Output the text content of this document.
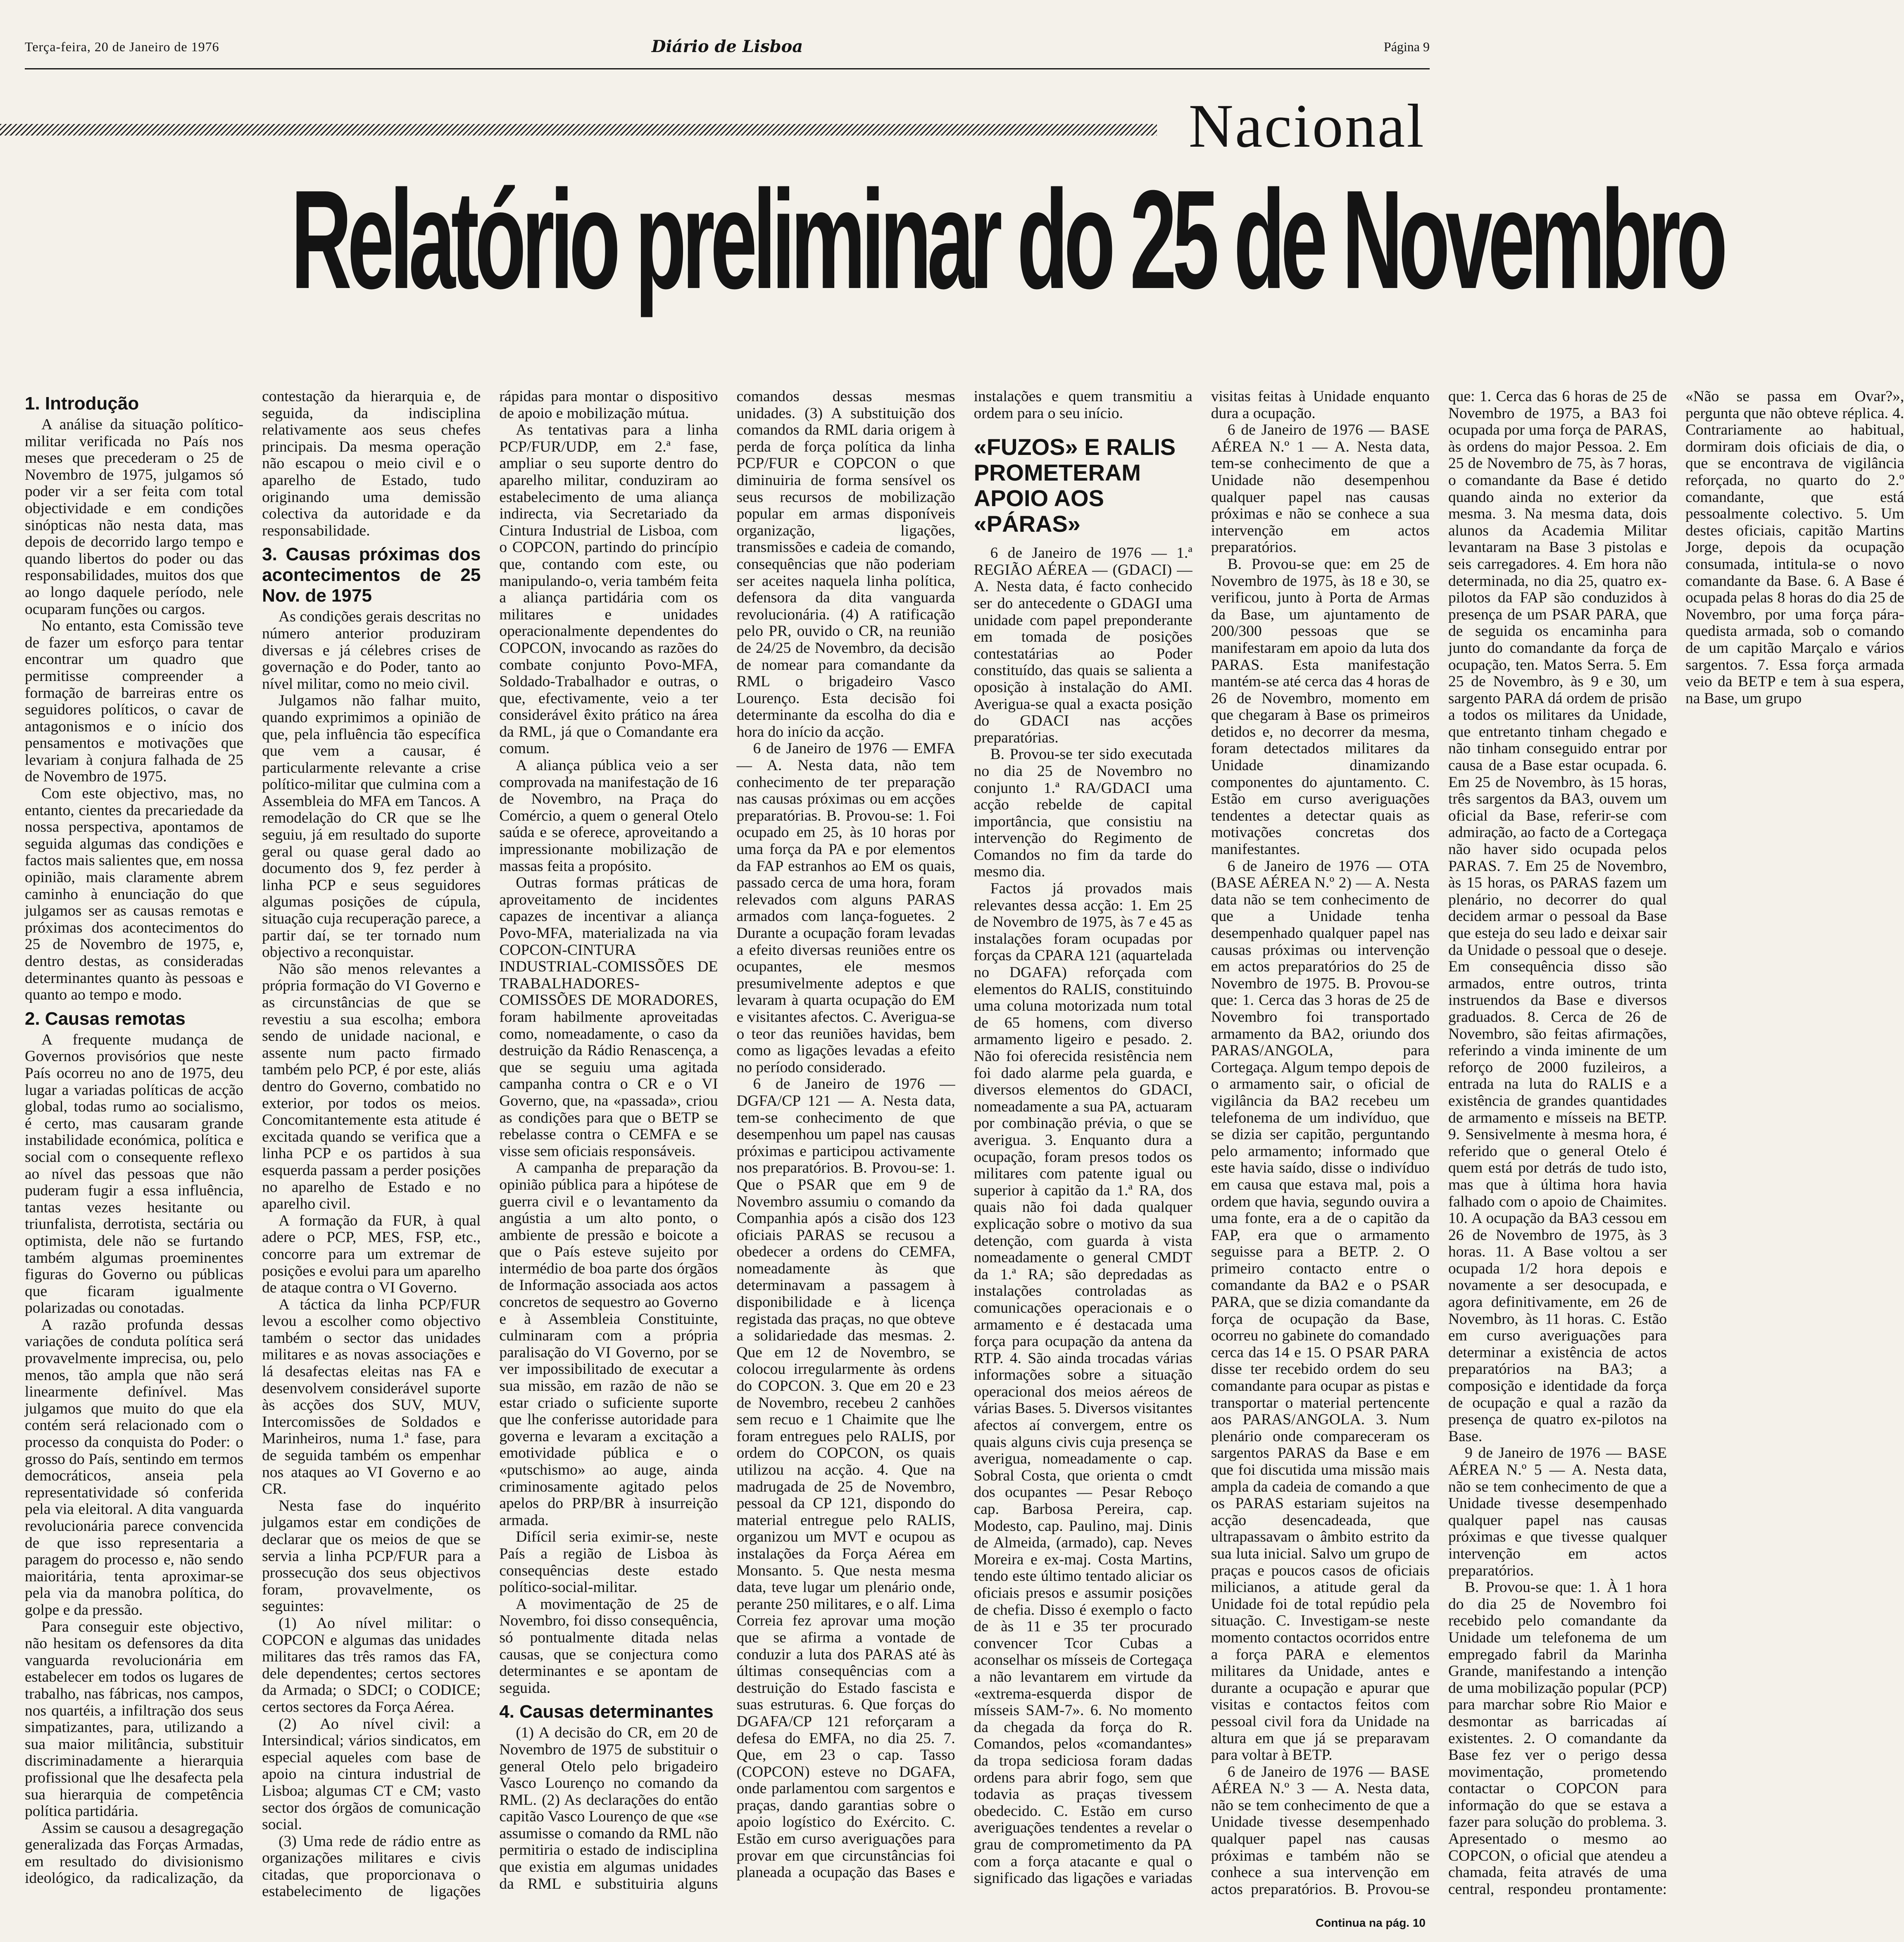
Terça-feira, 20 de Janeiro de 1976	Diário de Lisboa	Página 9
Nacional
Relatório preliminar do 25 de Novembro
1. Introdução

A análise da situação político-militar verificada no País nos meses que precederam o 25 de Novembro de 1975, julgamos só poder vir a ser feita com total objectividade e em condições sinópticas não nesta data, mas depois de decorrido largo tempo e quando libertos do poder ou das responsabilidades, muitos dos que ao longo daquele período, nele ocuparam funções ou cargos.

No entanto, esta Comissão teve de fazer um esforço para tentar encontrar um quadro que permitisse compreender a formação de barreiras entre os seguidores políticos, o cavar de antagonismos e o início dos pensamentos e motivações que levariam à conjura falhada de 25 de Novembro de 1975.

Com este objectivo, mas, no entanto, cientes da precariedade da nossa perspectiva, apontamos de seguida algumas das condições e factos mais salientes que, em nossa opinião, mais claramente abrem caminho à enunciação do que julgamos ser as causas remotas e próximas dos acontecimentos do 25 de Novembro de 1975, e, dentro destas, as consideradas determinantes quanto às pessoas e quanto ao tempo e modo.

2. Causas remotas

A frequente mudança de Governos provisórios que neste País ocorreu no ano de 1975, deu lugar a variadas políticas de acção global, todas rumo ao socialismo, é certo, mas causaram grande instabilidade económica, política e social com o consequente reflexo ao nível das pessoas que não puderam fugir a essa influência, tantas vezes hesitante ou triunfalista, derrotista, sectária ou optimista, dele não se furtando também algumas proeminentes figuras do Governo ou públicas que ficaram igualmente polarizadas ou conotadas.

A razão profunda dessas variações de conduta política será provavelmente imprecisa, ou, pelo menos, tão ampla que não será linearmente definível. Mas julgamos que muito do que ela contém será relacionado com o processo da conquista do Poder: o grosso do País, sentindo em termos democráticos, anseia pela representatividade só conferida pela via eleitoral. A dita vanguarda revolucionária parece convencida de que isso representaria a paragem do processo e, não sendo maioritária, tenta aproximar-se pela via da manobra política, do golpe e da pressão.

Para conseguir este objectivo, não hesitam os defensores da dita vanguarda revolucionária em estabelecer em todos os lugares de trabalho, nas fábricas, nos campos, nos quartéis, a infiltração dos seus simpatizantes, para, utilizando a sua maior militância, substituir discriminadamente a hierarquia profissional que lhe desafecta pela sua hierarquia de competência política partidária.

Assim se causou a desagregação generalizada das Forças Armadas, em resultado do divisionismo ideológico, da radicalização, da contestação da hierarquia e, de seguida, da indisciplina relativamente aos seus chefes principais. Da mesma operação não escapou o meio civil e o aparelho de Estado, tudo originando uma demissão colectiva da autoridade e da responsabilidade.

3. Causas próximas dos acontecimentos de 25 Nov. de 1975

As condições gerais descritas no número anterior produziram diversas e já célebres crises de governação e do Poder, tanto ao nível militar, como no meio civil.

Julgamos não falhar muito, quando exprimimos a opinião de que, pela influência tão específica que vem a causar, é particularmente relevante a crise político-militar que culmina com a Assembleia do MFA em Tancos. A remodelação do CR que se lhe seguiu, já em resultado do suporte geral ou quase geral dado ao documento dos 9, fez perder à linha PCP e seus seguidores algumas posições de cúpula, situação cuja recuperação parece, a partir daí, se ter tornado num objectivo a reconquistar.

Não são menos relevantes a própria formação do VI Governo e as circunstâncias de que se revestiu a sua escolha; embora sendo de unidade nacional, e assente num pacto firmado também pelo PCP, é por este, aliás dentro do Governo, combatido no exterior, por todos os meios. Concomitantemente esta atitude é excitada quando se verifica que a linha PCP e os partidos à sua esquerda passam a perder posições no aparelho de Estado e no aparelho civil.

A formação da FUR, à qual adere o PCP, MES, FSP, etc., concorre para um extremar de posições e evolui para um aparelho de ataque contra o VI Governo.

A táctica da linha PCP/FUR levou a escolher como objectivo também o sector das unidades militares e as novas associações e lá desafectas eleitas nas FA e desenvolvem considerável suporte às acções dos SUV, MUV, Intercomissões de Soldados e Marinheiros, numa 1.ª fase, para de seguida também os empenhar nos ataques ao VI Governo e ao CR.

Nesta fase do inquérito julgamos estar em condições de declarar que os meios de que se servia a linha PCP/FUR para a prossecução dos seus objectivos foram, provavelmente, os seguintes:

(1) Ao nível militar: o COPCON e algumas das unidades militares das três ramos das FA, dele dependentes; certos sectores da Armada; o SDCI; o CODICE; certos sectores da Força Aérea.

(2) Ao nível civil: a Intersindical; vários sindicatos, em especial aqueles com base de apoio na cintura industrial de Lisboa; algumas CT e CM; vasto sector dos órgãos de comunicação social.

(3) Uma rede de rádio entre as organizações militares e civis citadas, que proporcionava o estabelecimento de ligações rápidas para montar o dispositivo de apoio e mobilização mútua.

As tentativas para a linha PCP/FUR/UDP, em 2.ª fase, ampliar o seu suporte dentro do aparelho militar, conduziram ao estabelecimento de uma aliança indirecta, via Secretariado da Cintura Industrial de Lisboa, com o COPCON, partindo do princípio que, contando com este, ou manipulando-o, veria também feita a aliança partidária com os militares e unidades operacionalmente dependentes do COPCON, invocando as razões do combate conjunto Povo-MFA, Soldado-Trabalhador e outras, o que, efectivamente, veio a ter considerável êxito prático na área da RML, já que o Comandante era comum.

A aliança pública veio a ser comprovada na manifestação de 16 de Novembro, na Praça do Comércio, a quem o general Otelo saúda e se oferece, aproveitando a impressionante mobilização de massas feita a propósito.

Outras formas práticas de aproveitamento de incidentes capazes de incentivar a aliança Povo-MFA, materializada na via COPCON-CINTURA INDUSTRIAL-COMISSÕES DE TRABALHADORES-COMISSÕES DE MORADORES, foram habilmente aproveitadas como, nomeadamente, o caso da destruição da Rádio Renascença, a que se seguiu uma agitada campanha contra o CR e o VI Governo, que, na «passada», criou as condições para que o BETP se rebelasse contra o CEMFA e se visse sem oficiais responsáveis.

A campanha de preparação da opinião pública para a hipótese de guerra civil e o levantamento da angústia a um alto ponto, o ambiente de pressão e boicote a que o País esteve sujeito por intermédio de boa parte dos órgãos de Informação associada aos actos concretos de sequestro ao Governo e à Assembleia Constituinte, culminaram com a própria paralisação do VI Governo, por se ver impossibilitado de executar a sua missão, em razão de não se estar criado o suficiente suporte que lhe conferisse autoridade para governa e levaram a excitação a emotividade pública e o «putschismo» ao auge, ainda criminosamente agitado pelos apelos do PRP/BR à insurreição armada.

Difícil seria eximir-se, neste País a região de Lisboa às consequências deste estado político-social-militar.

A movimentação de 25 de Novembro, foi disso consequência, só pontualmente ditada nelas causas, que se conjectura como determinantes e se apontam de seguida.

4. Causas determinantes

(1) A decisão do CR, em 20 de Novembro de 1975 de substituir o general Otelo pelo brigadeiro Vasco Lourenço no comando da RML. (2) As declarações do então capitão Vasco Lourenço de que «se assumisse o comando da RML não permitiria o estado de indisciplina que existia em algumas unidades da RML e substituiria alguns comandos dessas mesmas unidades. (3) A substituição dos comandos da RML daria origem à perda de força política da linha PCP/FUR e COPCON o que diminuiria de forma sensível os seus recursos de mobilização popular em armas disponíveis organização, ligações, transmissões e cadeia de comando, consequências que não poderiam ser aceites naquela linha política, defensora da dita vanguarda revolucionária. (4) A ratificação pelo PR, ouvido o CR, na reunião de 24/25 de Novembro, da decisão de nomear para comandante da RML o brigadeiro Vasco Lourenço. Esta decisão foi determinante da escolha do dia e hora do início da acção.

6 de Janeiro de 1976 — EMFA — A. Nesta data, não tem conhecimento de ter preparação nas causas próximas ou em acções preparatórias. B. Provou-se: 1. Foi ocupado em 25, às 10 horas por uma força da PA e por elementos da FAP estranhos ao EM os quais, passado cerca de uma hora, foram relevados com alguns PARAS armados com lança-foguetes. 2 Durante a ocupação foram levadas a efeito diversas reuniões entre os ocupantes, ele mesmos presumivelmente adeptos e que levaram à quarta ocupação do EM e visitantes afectos. C. Averigua-se o teor das reuniões havidas, bem como as ligações levadas a efeito no período considerado.

6 de Janeiro de 1976 — DGFA/CP 121 — A. Nesta data, tem-se conhecimento de que desempenhou um papel nas causas próximas e participou activamente nos preparatórios. B. Provou-se: 1. Que o PSAR que em 9 de Novembro assumiu o comando da Companhia após a cisão dos 123 oficiais PARAS se recusou a obedecer a ordens do CEMFA, nomeadamente às que determinavam a passagem à disponibilidade e à licença registada das praças, no que obteve a solidariedade das mesmas. 2. Que em 12 de Novembro, se colocou irregularmente às ordens do COPCON. 3. Que em 20 e 23 de Novembro, recebeu 2 canhões sem recuo e 1 Chaimite que lhe foram entregues pelo RALIS, por ordem do COPCON, os quais utilizou na acção. 4. Que na madrugada de 25 de Novembro, pessoal da CP 121, dispondo do material entregue pelo RALIS, organizou um MVT e ocupou as instalações da Força Aérea em Monsanto. 5. Que nesta mesma data, teve lugar um plenário onde, perante 250 militares, e o alf. Lima Correia fez aprovar uma moção que se afirma a vontade de conduzir a luta dos PARAS até às últimas consequências com a destruição do Estado fascista e suas estruturas. 6. Que forças do DGAFA/CP 121 reforçaram a defesa do EMFA, no dia 25. 7. Que, em 23 o cap. Tasso (COPCON) esteve no DGAFA, onde parlamentou com sargentos e praças, dando garantias sobre o apoio logístico do Exército. C. Estão em curso averiguações para provar em que circunstâncias foi planeada a ocupação das Bases e instalações e quem transmitiu a ordem para o seu início.

«FUZOS» E RALIS PROMETERAM APOIO AOS «PÁRAS»

6 de Janeiro de 1976 — 1.ª REGIÃO AÉREA — (GDACI) — A. Nesta data, é facto conhecido ser do antecedente o GDAGI uma unidade com papel preponderante em tomada de posições contestatárias ao Poder constituído, das quais se salienta a oposição à instalação do AMI. Averigua-se qual a exacta posição do GDACI nas acções preparatórias.

B. Provou-se ter sido executada no dia 25 de Novembro no conjunto 1.ª RA/GDACI uma acção rebelde de capital importância, que consistiu na intervenção do Regimento de Comandos no fim da tarde do mesmo dia.

Factos já provados mais relevantes dessa acção: 1. Em 25 de Novembro de 1975, às 7 e 45 as instalações foram ocupadas por forças da CPARA 121 (aquartelada no DGAFA) reforçada com elementos do RALIS, constituindo uma coluna motorizada num total de 65 homens, com diverso armamento ligeiro e pesado. 2. Não foi oferecida resistência nem foi dado alarme pela guarda, e diversos elementos do GDACI, nomeadamente a sua PA, actuaram por combinação prévia, o que se averigua. 3. Enquanto dura a ocupação, foram presos todos os militares com patente igual ou superior à capitão da 1.ª RA, dos quais não foi dada qualquer explicação sobre o motivo da sua detenção, com guarda à vista nomeadamente o general CMDT da 1.ª RA; são depredadas as instalações controladas as comunicações operacionais e o armamento e é destacada uma força para ocupação da antena da RTP. 4. São ainda trocadas várias informações sobre a situação operacional dos meios aéreos de várias Bases. 5. Diversos visitantes afectos aí convergem, entre os quais alguns civis cuja presença se averigua, nomeadamente o cap. Sobral Costa, que orienta o cmdt dos ocupantes — Pesar Reboço cap. Barbosa Pereira, cap. Modesto, cap. Paulino, maj. Dinis de Almeida, (armado), cap. Neves Moreira e ex-maj. Costa Martins, tendo este último tentado aliciar os oficiais presos e assumir posições de chefia. Disso é exemplo o facto de às 11 e 35 ter procurado convencer Tcor Cubas a aconselhar os mísseis de Cortegaça a não levantarem em virtude da «extrema-esquerda dispor de mísseis SAM-7». 6. No momento da chegada da força do R. Comandos, pelos «comandantes» da tropa sediciosa foram dadas ordens para abrir fogo, sem que todavia as praças tivessem obedecido. C. Estão em curso averiguações tendentes a revelar o grau de comprometimento da PA com a força atacante e qual o significado das ligações e variadas visitas feitas à Unidade enquanto dura a ocupação.

6 de Janeiro de 1976 — BASE AÉREA N.º 1 — A. Nesta data, tem-se conhecimento de que a Unidade não desempenhou qualquer papel nas causas próximas e não se conhece a sua intervenção em actos preparatórios.

B. Provou-se que: em 25 de Novembro de 1975, às 18 e 30, se verificou, junto à Porta de Armas da Base, um ajuntamento de 200/300 pessoas que se manifestaram em apoio da luta dos PARAS. Esta manifestação mantém-se até cerca das 4 horas de 26 de Novembro, momento em que chegaram à Base os primeiros detidos e, no decorrer da mesma, foram detectados militares da Unidade dinamizando componentes do ajuntamento. C. Estão em curso averiguações tendentes a detectar quais as motivações concretas dos manifestantes.

6 de Janeiro de 1976 — OTA (BASE AÉREA N.º 2) — A. Nesta data não se tem conhecimento de que a Unidade tenha desempenhado qualquer papel nas causas próximas ou intervenção em actos preparatórios do 25 de Novembro de 1975. B. Provou-se que: 1. Cerca das 3 horas de 25 de Novembro foi transportado armamento da BA2, oriundo dos PARAS/ANGOLA, para Cortegaça. Algum tempo depois de o armamento sair, o oficial de vigilância da BA2 recebeu um telefonema de um indivíduo, que se dizia ser capitão, perguntando pelo armamento; informado que este havia saído, disse o indivíduo em causa que estava mal, pois a ordem que havia, segundo ouvira a uma fonte, era a de o capitão da FAP, era que o armamento seguisse para a BETP. 2. O primeiro contacto entre o comandante da BA2 e o PSAR PARA, que se dizia comandante da força de ocupação da Base, ocorreu no gabinete do comandado cerca das 14 e 15. O PSAR PARA disse ter recebido ordem do seu comandante para ocupar as pistas e transportar o material pertencente aos PARAS/ANGOLA. 3. Num plenário onde compareceram os sargentos PARAS da Base e em que foi discutida uma missão mais ampla da cadeia de comando a que os PARAS estariam sujeitos na acção desencadeada, que ultrapassavam o âmbito estrito da sua luta inicial. Salvo um grupo de praças e poucos casos de oficiais milicianos, a atitude geral da Unidade foi de total repúdio pela situação. C. Investigam-se neste momento contactos ocorridos entre a força PARA e elementos militares da Unidade, antes e durante a ocupação e apurar que visitas e contactos feitos com pessoal civil fora da Unidade na altura em que já se preparavam para voltar à BETP.

6 de Janeiro de 1976 — BASE AÉREA N.º 3 — A. Nesta data, não se tem conhecimento de que a Unidade tivesse desempenhado qualquer papel nas causas próximas e também não se conhece a sua intervenção em actos preparatórios. B. Provou-se que: 1. Cerca das 6 horas de 25 de Novembro de 1975, a BA3 foi ocupada por uma força de PARAS, às ordens do major Pessoa. 2. Em 25 de Novembro de 75, às 7 horas, o comandante da Base é detido quando ainda no exterior da mesma. 3. Na mesma data, dois alunos da Academia Militar levantaram na Base 3 pistolas e seis carregadores. 4. Em hora não determinada, no dia 25, quatro ex-pilotos da FAP são conduzidos à presença de um PSAR PARA, que de seguida os encaminha para junto do comandante da força de ocupação, ten. Matos Serra. 5. Em 25 de Novembro, às 9 e 30, um sargento PARA dá ordem de prisão a todos os militares da Unidade, que entretanto tinham chegado e não tinham conseguido entrar por causa de a Base estar ocupada. 6. Em 25 de Novembro, às 15 horas, três sargentos da BA3, ouvem um oficial da Base, referir-se com admiração, ao facto de a Cortegaça não haver sido ocupada pelos PARAS. 7. Em 25 de Novembro, às 15 horas, os PARAS fazem um plenário, no decorrer do qual decidem armar o pessoal da Base que esteja do seu lado e deixar sair da Unidade o pessoal que o deseje. Em consequência disso são armados, entre outros, trinta instruendos da Base e diversos graduados. 8. Cerca de 26 de Novembro, são feitas afirmações, referindo a vinda iminente de um reforço de 2000 fuzileiros, a entrada na luta do RALIS e a existência de grandes quantidades de armamento e mísseis na BETP. 9. Sensivelmente à mesma hora, é referido que o general Otelo é quem está por detrás de tudo isto, mas que à última hora havia falhado com o apoio de Chaimites. 10. A ocupação da BA3 cessou em 26 de Novembro de 1975, às 3 horas. 11. A Base voltou a ser ocupada 1/2 hora depois e novamente a ser desocupada, e agora definitivamente, em 26 de Novembro, às 11 horas. C. Estão em curso averiguações para determinar a existência de actos preparatórios na BA3; a composição e identidade da força de ocupação e qual a razão da presença de quatro ex-pilotos na Base.

9 de Janeiro de 1976 — BASE AÉREA N.º 5 — A. Nesta data, não se tem conhecimento de que a Unidade tivesse desempenhado qualquer papel nas causas próximas e que tivesse qualquer intervenção em actos preparatórios.

B. Provou-se que: 1. À 1 hora do dia 25 de Novembro foi recebido pelo comandante da Unidade um telefonema de um empregado fabril da Marinha Grande, manifestando a intenção de uma mobilização popular (PCP) para marchar sobre Rio Maior e desmontar as barricadas aí existentes. 2. O comandante da Base fez ver o perigo dessa movimentação, prometendo contactar o COPCON para informação do que se estava a fazer para solução do problema. 3. Apresentado o mesmo ao COPCON, o oficial que atendeu a chamada, feita através de uma central, respondeu prontamente: «Não se passa em Ovar?», pergunta que não obteve réplica. 4. Contrariamente ao habitual, dormiram dois oficiais de dia, o que se encontrava de vigilância reforçada, no quarto do 2.º comandante, que está pessoalmente colectivo. 5. Um destes oficiais, capitão Martins Jorge, depois da ocupação consumada, intitula-se o novo comandante da Base. 6. A Base é ocupada pelas 8 horas do dia 25 de Novembro, por uma força pára-quedista armada, sob o comando de um capitão Marçalo e vários sargentos. 7. Essa força armada veio da BETP e tem à sua espera, na Base, um grupo

Continua na pág. 10
